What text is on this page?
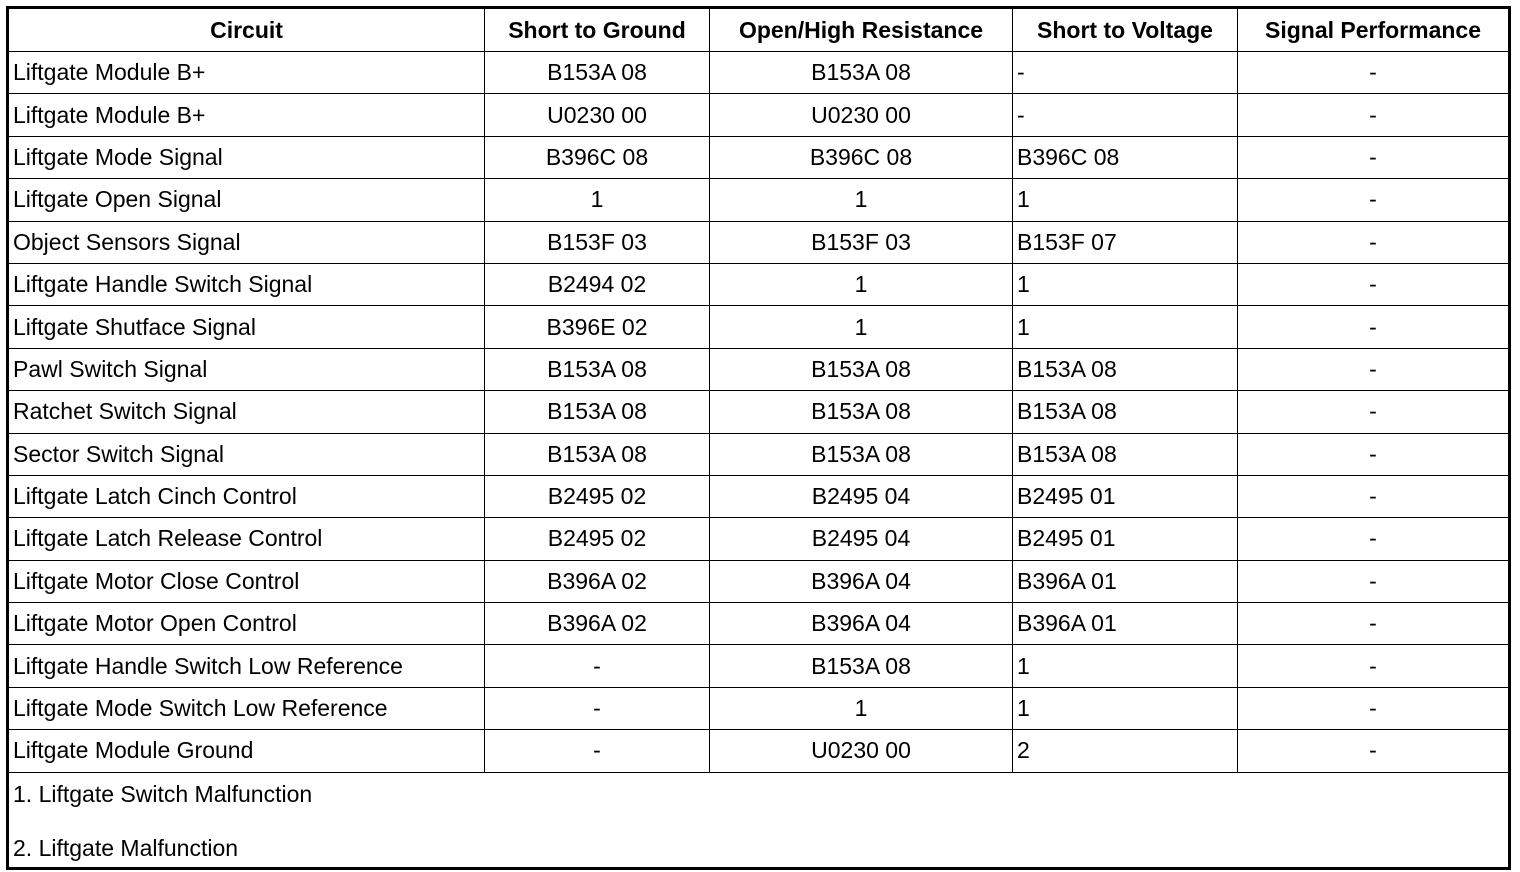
Circuit	Short to Ground	Open/High Resistance	Short to Voltage	Signal Performance
Liftgate Module B+	B153A 08	B153A 08	-	-
Liftgate Module B+	U0230 00	U0230 00	-	-
Liftgate Mode Signal	B396C 08	B396C 08	B396C 08	-
Liftgate Open Signal	1	1	1	-
Object Sensors Signal	B153F 03	B153F 03	B153F 07	-
Liftgate Handle Switch Signal	B2494 02	1	1	-
Liftgate Shutface Signal	B396E 02	1	1	-
Pawl Switch Signal	B153A 08	B153A 08	B153A 08	-
Ratchet Switch Signal	B153A 08	B153A 08	B153A 08	-
Sector Switch Signal	B153A 08	B153A 08	B153A 08	-
Liftgate Latch Cinch Control	B2495 02	B2495 04	B2495 01	-
Liftgate Latch Release Control	B2495 02	B2495 04	B2495 01	-
Liftgate Motor Close Control	B396A 02	B396A 04	B396A 01	-
Liftgate Motor Open Control	B396A 02	B396A 04	B396A 01	-
Liftgate Handle Switch Low Reference	-	B153A 08	1	-
Liftgate Mode Switch Low Reference	-	1	1	-
Liftgate Module Ground	-	U0230 00	2	-

1. Liftgate Switch Malfunction
2. Liftgate Malfunction				
